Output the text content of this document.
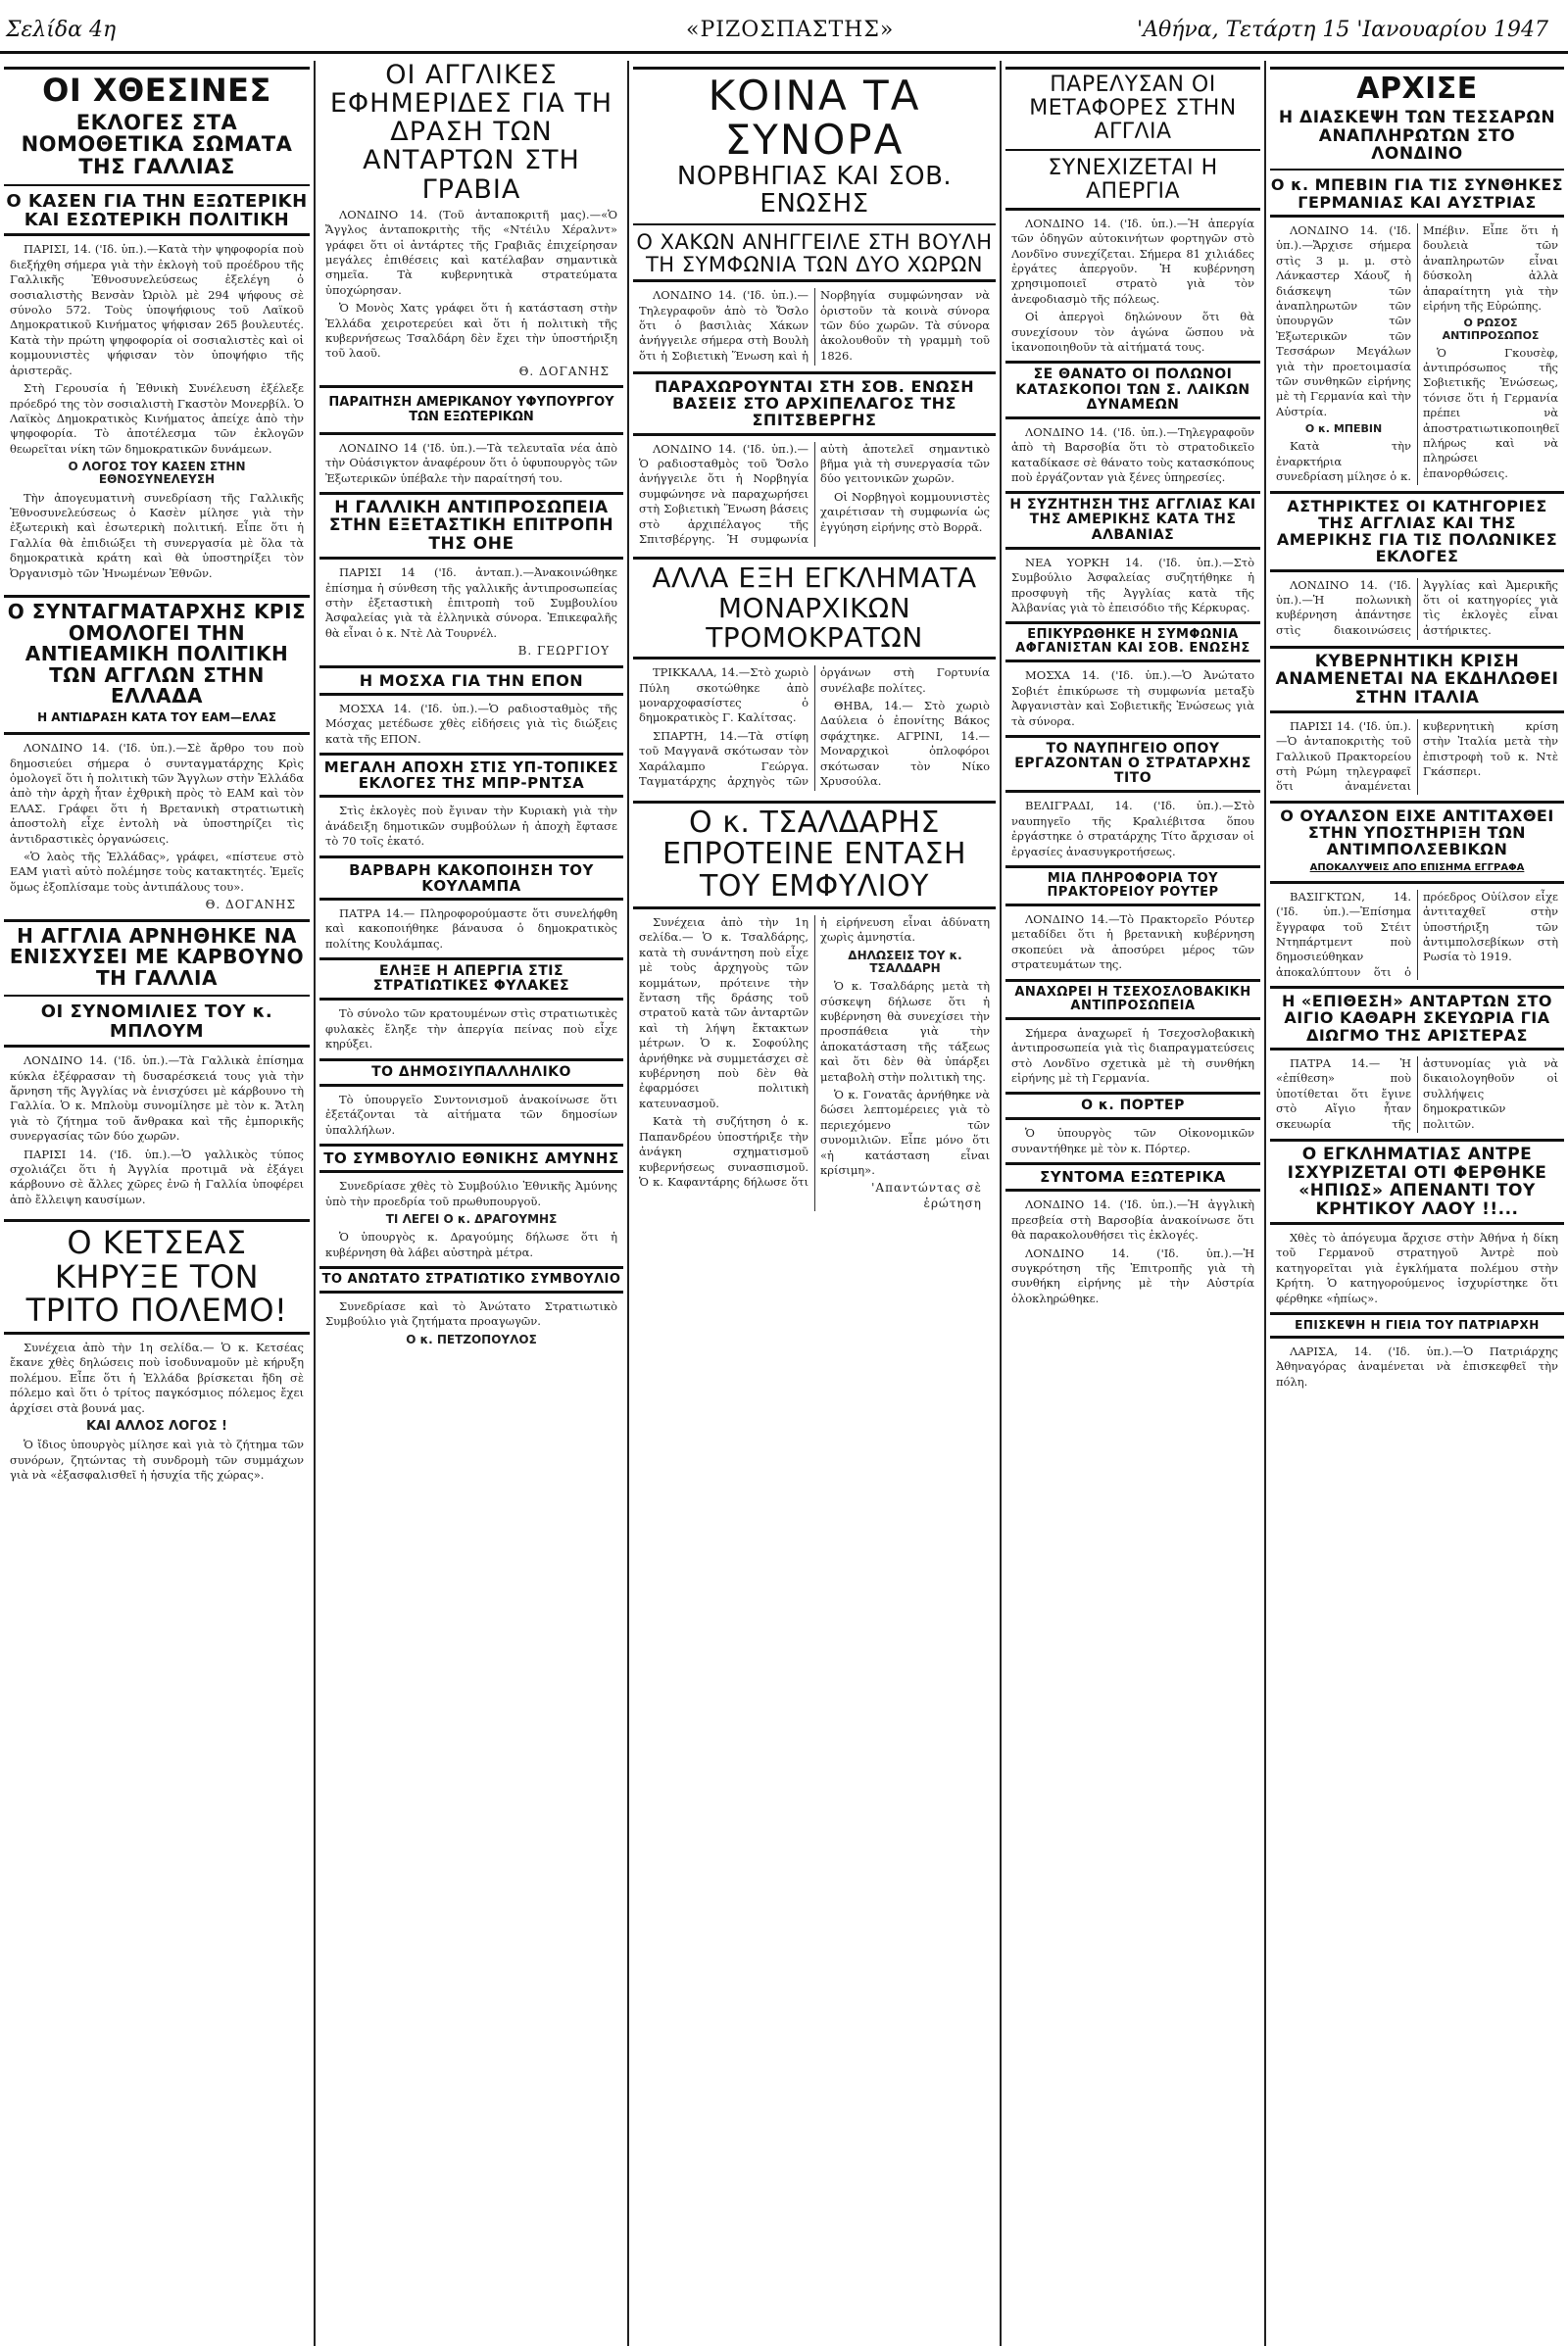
Σελίδα 4η	«ΡΙΖΟΣΠΑΣΤΗΣ»	'Αθήνα, Τετάρτη 15 'Ιανουαρίου 1947
ΟΙ ΧΘΕΣΙΝΕΣ
ΕΚΛΟΓΕΣ ΣΤΑ ΝΟΜΟΘΕΤΙΚΑ ΣΩΜΑΤΑ ΤΗΣ ΓΑΛΛΙΑΣ
Ο ΚΑΣΕΝ ΓΙΑ ΤΗΝ ΕΞΩΤΕΡΙΚΗ ΚΑΙ ΕΣΩΤΕΡΙΚΗ ΠΟΛΙΤΙΚΗ

ΠΑΡΙΣΙ, 14. ('Ιδ. ὑπ.).—Κατὰ τὴν ψηφοφορία ποὺ διεξήχθη σήμερα γιὰ τὴν ἐκλογὴ τοῦ προέδρου τῆς Γαλλικῆς Ἐθνοσυνελεύσεως ἐξελέγη ὁ σοσιαλιστὴς Βενσὰν Ὠριὸλ μὲ 294 ψήφους σὲ σύνολο 572. Τοὺς ὑποψήφιους τοῦ Λαϊκοῦ Δημοκρατικοῦ Κινήματος ψήφισαν 265 βουλευτές. Κατὰ τὴν πρώτη ψηφοφορία οἱ σοσιαλιστὲς καὶ οἱ κομμουνιστὲς ψήφισαν τὸν ὑποψήφιο τῆς ἀριστερᾶς.

Στὴ Γερουσία ἡ Ἐθνικὴ Συνέλευση ἐξέλεξε πρόεδρό της τὸν σοσιαλιστὴ Γκαστὸν Μονερβίλ. Ὁ Λαϊκὸς Δημοκρατικὸς Κινήματος ἀπείχε ἀπὸ τὴν ψηφοφορία. Τὸ ἀποτέλεσμα τῶν ἐκλογῶν θεωρεῖται νίκη τῶν δημοκρατικῶν δυνάμεων.

Ο ΛΟΓΟΣ ΤΟΥ ΚΑΣΕΝ ΣΤΗΝ ΕΘΝΟΣΥΝΕΛΕΥΣΗ

Τὴν ἀπογευματινὴ συνεδρίαση τῆς Γαλλικῆς Ἐθνοσυνελεύσεως ὁ Κασὲν μίλησε γιὰ τὴν ἐξωτερικὴ καὶ ἐσωτερικὴ πολιτική. Εἶπε ὅτι ἡ Γαλλία θὰ ἐπιδιώξει τὴ συνεργασία μὲ ὅλα τὰ δημοκρατικὰ κράτη καὶ θὰ ὑποστηρίξει τὸν Ὀργανισμὸ τῶν Ἡνωμένων Ἐθνῶν.

Ο ΣΥΝΤΑΓΜΑΤΑΡΧΗΣ ΚΡΙΣ ΟΜΟΛΟΓΕΙ ΤΗΝ ΑΝΤΙΕΑΜΙΚΗ ΠΟΛΙΤΙΚΗ ΤΩΝ ΑΓΓΛΩΝ ΣΤΗΝ ΕΛΛΑΔΑ
Η ΑΝΤΙΔΡΑΣΗ ΚΑΤΑ ΤΟΥ ΕΑΜ—ΕΛΑΣ

ΛΟΝΔΙΝΟ 14. ('Ιδ. ὑπ.).—Σὲ ἄρθρο του ποὺ δημοσιεύει σήμερα ὁ συνταγματάρχης Κρὶς ὁμολογεῖ ὅτι ἡ πολιτικὴ τῶν Ἄγγλων στὴν Ἑλλάδα ἀπὸ τὴν ἀρχὴ ἦταν ἐχθρικὴ πρὸς τὸ ΕΑΜ καὶ τὸν ΕΛΑΣ. Γράφει ὅτι ἡ Βρετανικὴ στρατιωτικὴ ἀποστολὴ εἶχε ἐντολὴ νὰ ὑποστηρίζει τὶς ἀντιδραστικὲς ὀργανώσεις.

«Ὁ λαὸς τῆς Ἑλλάδας», γράφει, «πίστευε στὸ ΕΑΜ γιατὶ αὐτὸ πολέμησε τοὺς κατακτητές. Ἐμεῖς ὅμως ἐξοπλίσαμε τοὺς ἀντιπάλους του».

Θ. ΔΟΓΑΝΗΣ
Η ΑΓΓΛΙΑ ΑΡΝΗΘΗΚΕ ΝΑ ΕΝΙΣΧΥΣΕΙ ΜΕ ΚΑΡΒΟΥΝΟ ΤΗ ΓΑΛΛΙΑ
ΟΙ ΣΥΝΟΜΙΛΙΕΣ ΤΟΥ κ. ΜΠΛΟΥΜ

ΛΟΝΔΙΝΟ 14. ('Ιδ. ὑπ.).—Τὰ Γαλλικὰ ἐπίσημα κύκλα ἐξέφρασαν τὴ δυσαρέσκειά τους γιὰ τὴν ἄρνηση τῆς Ἀγγλίας νὰ ἐνισχύσει μὲ κάρβουνο τὴ Γαλλία. Ὁ κ. Μπλοὺμ συνομίλησε μὲ τὸν κ. Ἄτλη γιὰ τὸ ζήτημα τοῦ ἄνθρακα καὶ τῆς ἐμπορικῆς συνεργασίας τῶν δύο χωρῶν.

ΠΑΡΙΣΙ 14. ('Ιδ. ὑπ.).—Ὁ γαλλικὸς τύπος σχολιάζει ὅτι ἡ Ἀγγλία προτιμᾶ νὰ ἐξάγει κάρβουνο σὲ ἄλλες χῶρες ἐνῶ ἡ Γαλλία ὑποφέρει ἀπὸ ἔλλειψη καυσίμων.

Ο ΚΕΤΣΕΑΣ ΚΗΡΥΞΕ ΤΟΝ ΤΡΙΤΟ ΠΟΛΕΜΟ!

Συνέχεια ἀπὸ τὴν 1η σελίδα.— Ὁ κ. Κετσέας ἔκανε χθὲς δηλώσεις ποὺ ἰσοδυναμοῦν μὲ κήρυξη πολέμου. Εἶπε ὅτι ἡ Ἑλλάδα βρίσκεται ἤδη σὲ πόλεμο καὶ ὅτι ὁ τρίτος παγκόσμιος πόλεμος ἔχει ἀρχίσει στὰ βουνά μας.

ΚΑΙ ΑΛΛΟΣ ΛΟΓΟΣ !

Ὁ ἴδιος ὑπουργὸς μίλησε καὶ γιὰ τὸ ζήτημα τῶν συνόρων, ζητώντας τὴ συνδρομὴ τῶν συμμάχων γιὰ νὰ «ἐξασφαλισθεῖ ἡ ἡσυχία τῆς χώρας».

ΟΙ ΑΓΓΛΙΚΕΣ ΕΦΗΜΕΡΙΔΕΣ ΓΙΑ ΤΗ ΔΡΑΣΗ ΤΩΝ ΑΝΤΑΡΤΩΝ ΣΤΗ ΓΡΑΒΙΑ

ΛΟΝΔΙΝΟ 14. (Τοῦ ἀνταποκριτῆ μας).—«Ὁ Ἄγγλος ἀνταποκριτὴς τῆς «Ντέιλυ Χέραλντ» γράφει ὅτι οἱ ἀντάρτες τῆς Γραβιᾶς ἐπιχείρησαν μεγάλες ἐπιθέσεις καὶ κατέλαβαν σημαντικὰ σημεῖα. Τὰ κυβερνητικὰ στρατεύματα ὑποχώρησαν.

Ὁ Μονὸς Χατς γράφει ὅτι ἡ κατάσταση στὴν Ἑλλάδα χειροτερεύει καὶ ὅτι ἡ πολιτικὴ τῆς κυβερνήσεως Τσαλδάρη δὲν ἔχει τὴν ὑποστήριξη τοῦ λαοῦ.

Θ. ΔΟΓΑΝΗΣ
ΠΑΡΑΙΤΗΣΗ ΑΜΕΡΙΚΑΝΟΥ ΥΦΥΠΟΥΡΓΟΥ ΤΩΝ ΕΞΩΤΕΡΙΚΩΝ

ΛΟΝΔΙΝΟ 14 ('Ιδ. ὑπ.).—Τὰ τελευταῖα νέα ἀπὸ τὴν Οὐάσιγκτον ἀναφέρουν ὅτι ὁ ὑφυπουργὸς τῶν Ἐξωτερικῶν ὑπέβαλε τὴν παραίτησή του.

Η ΓΑΛΛΙΚΗ ΑΝΤΙΠΡΟΣΩΠΕΙΑ ΣΤΗΝ ΕΞΕΤΑΣΤΙΚΗ ΕΠΙΤΡΟΠΗ ΤΗΣ ΟΗΕ

ΠΑΡΙΣΙ 14 ('Ιδ. ἀνταπ.).—Ἀνακοινώθηκε ἐπίσημα ἡ σύνθεση τῆς γαλλικῆς ἀντιπροσωπείας στὴν ἐξεταστικὴ ἐπιτροπὴ τοῦ Συμβουλίου Ἀσφαλείας γιὰ τὰ ἑλληνικὰ σύνορα. Ἐπικεφαλῆς θὰ εἶναι ὁ κ. Ντὲ Λὰ Τουρνέλ.

Β. ΓΕΩΡΓΙΟΥ
Η ΜΟΣΧΑ ΓΙΑ ΤΗΝ ΕΠΟΝ

ΜΟΣΧΑ 14. ('Ιδ. ὑπ.).—Ὁ ραδιοσταθμὸς τῆς Μόσχας μετέδωσε χθὲς εἰδήσεις γιὰ τὶς διώξεις κατὰ τῆς ΕΠΟΝ.

ΜΕΓΑΛΗ ΑΠΟΧΗ ΣΤΙΣ ΥΠ-ΤΟΠΙΚΕΣ ΕΚΛΟΓΕΣ ΤΗΣ ΜΠΡ-ΡΝΤΣΑ

Στὶς ἐκλογὲς ποὺ ἔγιναν τὴν Κυριακὴ γιὰ τὴν ἀνάδειξη δημοτικῶν συμβούλων ἡ ἀποχὴ ἔφτασε τὸ 70 τοῖς ἑκατό.

ΒΑΡΒΑΡΗ ΚΑΚΟΠΟΙΗΣΗ ΤΟΥ ΚΟΥΛΑΜΠΑ

ΠΑΤΡΑ 14.— Πληροφορούμαστε ὅτι συνελήφθη καὶ κακοποιήθηκε βάναυσα ὁ δημοκρατικὸς πολίτης Κουλάμπας.

ΕΛΗΞΕ Η ΑΠΕΡΓΙΑ ΣΤΙΣ ΣΤΡΑΤΙΩΤΙΚΕΣ ΦΥΛΑΚΕΣ

Τὸ σύνολο τῶν κρατουμένων στὶς στρατιωτικὲς φυλακὲς ἔληξε τὴν ἀπεργία πείνας ποὺ εἶχε κηρύξει.

ΤΟ ΔΗΜΟΣΙΥΠΑΛΛΗΛΙΚΟ

Τὸ ὑπουργεῖο Συντονισμοῦ ἀνακοίνωσε ὅτι ἐξετάζονται τὰ αἰτήματα τῶν δημοσίων ὑπαλλήλων.

ΤΟ ΣΥΜΒΟΥΛΙΟ ΕΘΝΙΚΗΣ ΑΜΥΝΗΣ

Συνεδρίασε χθὲς τὸ Συμβούλιο Ἐθνικῆς Ἀμύνης ὑπὸ τὴν προεδρία τοῦ πρωθυπουργοῦ.

ΤΙ ΛΕΓΕΙ Ο κ. ΔΡΑΓΟΥΜΗΣ

Ὁ ὑπουργὸς κ. Δραγούμης δήλωσε ὅτι ἡ κυβέρνηση θὰ λάβει αὐστηρὰ μέτρα.

ΤΟ ΑΝΩΤΑΤΟ ΣΤΡΑΤΙΩΤΙΚΟ ΣΥΜΒΟΥΛΙΟ

Συνεδρίασε καὶ τὸ Ἀνώτατο Στρατιωτικὸ Συμβούλιο γιὰ ζητήματα προαγωγῶν.

Ο κ. ΠΕΤΖΟΠΟΥΛΟΣ
ΚΟΙΝΑ ΤΑ ΣΥΝΟΡΑ
ΝΟΡΒΗΓΙΑΣ ΚΑΙ ΣΟΒ. ΕΝΩΣΗΣ
Ο ΧΑΚΩΝ ΑΝΗΓΓΕΙΛΕ ΣΤΗ ΒΟΥΛΗ ΤΗ ΣΥΜΦΩΝΙΑ ΤΩΝ ΔΥΟ ΧΩΡΩΝ

ΛΟΝΔΙΝΟ 14. ('Ιδ. ὑπ.).—Τηλεγραφοῦν ἀπὸ τὸ Ὄσλο ὅτι ὁ βασιλιὰς Χάκων ἀνήγγειλε σήμερα στὴ Βουλὴ ὅτι ἡ Σοβιετικὴ Ἕνωση καὶ ἡ Νορβηγία συμφώνησαν νὰ ὁριστοῦν τὰ κοινὰ σύνορα τῶν δύο χωρῶν. Τὰ σύνορα ἀκολουθοῦν τὴ γραμμὴ τοῦ 1826.

ΠΑΡΑΧΩΡΟΥΝΤΑΙ ΣΤΗ ΣΟΒ. ΕΝΩΣΗ ΒΑΣΕΙΣ ΣΤΟ ΑΡΧΙΠΕΛΑΓΟΣ ΤΗΣ ΣΠΙΤΣΒΕΡΓΗΣ

ΛΟΝΔΙΝΟ 14. ('Ιδ. ὑπ.).—Ὁ ραδιοσταθμὸς τοῦ Ὄσλο ἀνήγγειλε ὅτι ἡ Νορβηγία συμφώνησε νὰ παραχωρήσει στὴ Σοβιετικὴ Ἕνωση βάσεις στὸ ἀρχιπέλαγος τῆς Σπιτσβέργης. Ἡ συμφωνία αὐτὴ ἀποτελεῖ σημαντικὸ βῆμα γιὰ τὴ συνεργασία τῶν δύο γειτονικῶν χωρῶν.

Οἱ Νορβηγοὶ κομμουνιστὲς χαιρέτισαν τὴ συμφωνία ὡς ἐγγύηση εἰρήνης στὸ Βορρᾶ.

ΑΛΛΑ ΕΞΗ ΕΓΚΛΗΜΑΤΑ ΜΟΝΑΡΧΙΚΩΝ ΤΡΟΜΟΚΡΑΤΩΝ

ΤΡΙΚΚΑΛΑ, 14.—Στὸ χωριὸ Πύλη σκοτώθηκε ἀπὸ μοναρχοφασίστες ὁ δημοκρατικὸς Γ. Καλίτσας.

ΣΠΑΡΤΗ, 14.—Τὰ στίφη τοῦ Μαγγανᾶ σκότωσαν τὸν Χαράλαμπο Γεώργα. Ταγματάρχης ἀρχηγὸς τῶν ὀργάνων στὴ Γορτυνία συνέλαβε πολίτες.

ΘΗΒΑ, 14.— Στὸ χωριὸ Δαύλεια ὁ ἐπονίτης Βάκος σφάχτηκε. ΑΓΡΙΝΙ, 14.— Μοναρχικοὶ ὁπλοφόροι σκότωσαν τὸν Νίκο Χρυσούλα.

Ο κ. ΤΣΑΛΔΑΡΗΣ ΕΠΡΟΤΕΙΝΕ ΕΝΤΑΣΗ ΤΟΥ ΕΜΦΥΛΙΟΥ

Συνέχεια ἀπὸ τὴν 1η σελίδα.— Ὁ κ. Τσαλδάρης, κατὰ τὴ συνάντηση ποὺ εἶχε μὲ τοὺς ἀρχηγοὺς τῶν κομμάτων, πρότεινε τὴν ἔνταση τῆς δράσης τοῦ στρατοῦ κατὰ τῶν ἀνταρτῶν καὶ τὴ λήψη ἔκτακτων μέτρων. Ὁ κ. Σοφούλης ἀρνήθηκε νὰ συμμετάσχει σὲ κυβέρνηση ποὺ δὲν θὰ ἐφαρμόσει πολιτικὴ κατευνασμοῦ.

Κατὰ τὴ συζήτηση ὁ κ. Παπανδρέου ὑποστήριξε τὴν ἀνάγκη σχηματισμοῦ κυβερνήσεως συνασπισμοῦ. Ὁ κ. Καφαντάρης δήλωσε ὅτι ἡ εἰρήνευση εἶναι ἀδύνατη χωρὶς ἀμνηστία.

ΔΗΛΩΣΕΙΣ ΤΟΥ κ. ΤΣΑΛΔΑΡΗ

Ὁ κ. Τσαλδάρης μετὰ τὴ σύσκεψη δήλωσε ὅτι ἡ κυβέρνηση θὰ συνεχίσει τὴν προσπάθεια γιὰ τὴν ἀποκατάσταση τῆς τάξεως καὶ ὅτι δὲν θὰ ὑπάρξει μεταβολὴ στὴν πολιτικὴ της.

Ὁ κ. Γονατᾶς ἀρνήθηκε νὰ δώσει λεπτομέρειες γιὰ τὸ περιεχόμενο τῶν συνομιλιῶν. Εἶπε μόνο ὅτι «ἡ κατάσταση εἶναι κρίσιμη».

'Απαντώντας σὲ ἐρώτηση
ΠΑΡΕΛΥΣΑΝ ΟΙ ΜΕΤΑΦΟΡΕΣ ΣΤΗΝ ΑΓΓΛΙΑ
ΣΥΝΕΧΙΖΕΤΑΙ Η ΑΠΕΡΓΙΑ

ΛΟΝΔΙΝΟ 14. ('Ιδ. ὑπ.).—Ἡ ἀπεργία τῶν ὁδηγῶν αὐτοκινήτων φορτηγῶν στὸ Λονδῖνο συνεχίζεται. Σήμερα 81 χιλιάδες ἐργάτες ἀπεργοῦν. Ἡ κυβέρνηση χρησιμοποιεῖ στρατὸ γιὰ τὸν ἀνεφοδιασμὸ τῆς πόλεως.

Οἱ ἀπεργοὶ δηλώνουν ὅτι θὰ συνεχίσουν τὸν ἀγώνα ὥσπου νὰ ἱκανοποιηθοῦν τὰ αἰτήματά τους.

ΣΕ ΘΑΝΑΤΟ ΟΙ ΠΟΛΩΝΟΙ ΚΑΤΑΣΚΟΠΟΙ ΤΩΝ Σ. ΛΑΙΚΩΝ ΔΥΝΑΜΕΩΝ

ΛΟΝΔΙΝΟ 14. ('Ιδ. ὑπ.).—Τηλεγραφοῦν ἀπὸ τὴ Βαρσοβία ὅτι τὸ στρατοδικεῖο καταδίκασε σὲ θάνατο τοὺς κατασκόπους ποὺ ἐργάζονταν γιὰ ξένες ὑπηρεσίες.

Η ΣΥΖΗΤΗΣΗ ΤΗΣ ΑΓΓΛΙΑΣ ΚΑΙ ΤΗΣ ΑΜΕΡΙΚΗΣ ΚΑΤΑ ΤΗΣ ΑΛΒΑΝΙΑΣ

ΝΕΑ ΥΟΡΚΗ 14. ('Ιδ. ὑπ.).—Στὸ Συμβούλιο Ἀσφαλείας συζητήθηκε ἡ προσφυγὴ τῆς Ἀγγλίας κατὰ τῆς Ἀλβανίας γιὰ τὸ ἐπεισόδιο τῆς Κέρκυρας.

ΕΠΙΚΥΡΩΘΗΚΕ Η ΣΥΜΦΩΝΙΑ ΑΦΓΑΝΙΣΤΑΝ ΚΑΙ ΣΟΒ. ΕΝΩΣΗΣ

ΜΟΣΧΑ 14. ('Ιδ. ὑπ.).—Ὁ Ἀνώτατο Σοβιέτ ἐπικύρωσε τὴ συμφωνία μεταξὺ Ἀφγανιστὰν καὶ Σοβιετικῆς Ἑνώσεως γιὰ τὰ σύνορα.

ΤΟ ΝΑΥΠΗΓΕΙΟ ΟΠΟΥ ΕΡΓΑΖΟΝΤΑΝ Ο ΣΤΡΑΤΑΡΧΗΣ ΤΙΤΟ

ΒΕΛΙΓΡΑΔΙ, 14. ('Ιδ. ὑπ.).—Στὸ ναυπηγεῖο τῆς Κραλιέβιτσα ὅπου ἐργάστηκε ὁ στρατάρχης Τίτο ἄρχισαν οἱ ἐργασίες ἀνασυγκροτήσεως.

ΜΙΑ ΠΛΗΡΟΦΟΡΙΑ ΤΟΥ ΠΡΑΚΤΟΡΕΙΟΥ ΡΟΥΤΕΡ

ΛΟΝΔΙΝΟ 14.—Τὸ Πρακτορεῖο Ρόυτερ μεταδίδει ὅτι ἡ βρετανικὴ κυβέρνηση σκοπεύει νὰ ἀποσύρει μέρος τῶν στρατευμάτων της.

ΑΝΑΧΩΡΕΙ Η ΤΣΕΧΟΣΛΟΒΑΚΙΚΗ ΑΝΤΙΠΡΟΣΩΠΕΙΑ

Σήμερα ἀναχωρεῖ ἡ Τσεχοσλοβακικὴ ἀντιπροσωπεία γιὰ τὶς διαπραγματεύσεις στὸ Λονδῖνο σχετικὰ μὲ τὴ συνθήκη εἰρήνης μὲ τὴ Γερμανία.

Ο κ. ΠΟΡΤΕΡ

Ὁ ὑπουργὸς τῶν Οἰκονομικῶν συναντήθηκε μὲ τὸν κ. Πόρτερ.

ΣΥΝΤΟΜΑ ΕΞΩΤΕΡΙΚΑ

ΛΟΝΔΙΝΟ 14. ('Ιδ. ὑπ.).—Ἡ ἀγγλικὴ πρεσβεία στὴ Βαρσοβία ἀνακοίνωσε ὅτι θὰ παρακολουθήσει τὶς ἐκλογές.

ΛΟΝΔΙΝΟ 14. ('Ιδ. ὑπ.).—Ἡ συγκρότηση τῆς Ἐπιτροπῆς γιὰ τὴ συνθήκη εἰρήνης μὲ τὴν Αὐστρία ὁλοκληρώθηκε.

ΑΡΧΙΣΕ
Η ΔΙΑΣΚΕΨΗ ΤΩΝ ΤΕΣΣΑΡΩΝ ΑΝΑΠΛΗΡΩΤΩΝ ΣΤΟ ΛΟΝΔΙΝΟ
Ο κ. ΜΠΕΒΙΝ ΓΙΑ ΤΙΣ ΣΥΝΘΗΚΕΣ ΓΕΡΜΑΝΙΑΣ ΚΑΙ ΑΥΣΤΡΙΑΣ

ΛΟΝΔΙΝΟ 14. ('Ιδ. ὑπ.).—Ἄρχισε σήμερα στὶς 3 μ. μ. στὸ Λάνκαστερ Χάουζ ἡ διάσκεψη τῶν ἀναπληρωτῶν τῶν ὑπουργῶν τῶν Ἐξωτερικῶν τῶν Τεσσάρων Μεγάλων γιὰ τὴν προετοιμασία τῶν συνθηκῶν εἰρήνης μὲ τὴ Γερμανία καὶ τὴν Αὐστρία.

Ο κ. ΜΠΕΒΙΝ

Κατὰ τὴν ἐναρκτήρια συνεδρίαση μίλησε ὁ κ. Μπέβιν. Εἶπε ὅτι ἡ δουλειὰ τῶν ἀναπληρωτῶν εἶναι δύσκολη ἀλλὰ ἀπαραίτητη γιὰ τὴν εἰρήνη τῆς Εὐρώπης.

Ο ΡΩΣΟΣ ΑΝΤΙΠΡΟΣΩΠΟΣ

Ὁ Γκουσὲφ, ἀντιπρόσωπος τῆς Σοβιετικῆς Ἑνώσεως, τόνισε ὅτι ἡ Γερμανία πρέπει νὰ ἀποστρατιωτικοποιηθεῖ πλήρως καὶ νὰ πληρώσει ἐπανορθώσεις.

ΑΣΤΗΡΙΚΤΕΣ ΟΙ ΚΑΤΗΓΟΡΙΕΣ ΤΗΣ ΑΓΓΛΙΑΣ ΚΑΙ ΤΗΣ ΑΜΕΡΙΚΗΣ ΓΙΑ ΤΙΣ ΠΟΛΩΝΙΚΕΣ ΕΚΛΟΓΕΣ

ΛΟΝΔΙΝΟ 14. ('Ιδ. ὑπ.).—Ἡ πολωνικὴ κυβέρνηση ἀπάντησε στὶς διακοινώσεις Ἀγγλίας καὶ Ἀμερικῆς ὅτι οἱ κατηγορίες γιὰ τὶς ἐκλογὲς εἶναι ἀστήρικτες.

ΚΥΒΕΡΝΗΤΙΚΗ ΚΡΙΣΗ ΑΝΑΜΕΝΕΤΑΙ ΝΑ ΕΚΔΗΛΩΘΕΙ ΣΤΗΝ ΙΤΑΛΙΑ

ΠΑΡΙΣΙ 14. ('Ιδ. ὑπ.).—Ὁ ἀνταποκριτὴς τοῦ Γαλλικοῦ Πρακτορείου στὴ Ρώμη τηλεγραφεῖ ὅτι ἀναμένεται κυβερνητικὴ κρίση στὴν Ἰταλία μετὰ τὴν ἐπιστροφὴ τοῦ κ. Ντὲ Γκάσπερι.

Ο ΟΥΑΛΣΟΝ ΕΙΧΕ ΑΝΤΙΤΑΧΘΕΙ ΣΤΗΝ ΥΠΟΣΤΗΡΙΞΗ ΤΩΝ ΑΝΤΙΜΠΟΛΣΕΒΙΚΩΝ
ΑΠΟΚΑΛΥΨΕΙΣ ΑΠΟ ΕΠΙΣΗΜΑ ΕΓΓΡΑΦΑ

ΒΑΣΙΓΚΤΩΝ, 14. ('Ιδ. ὑπ.).—Ἐπίσημα ἔγγραφα τοῦ Στέιτ Ντηπάρτμεντ ποὺ δημοσιεύθηκαν ἀποκαλύπτουν ὅτι ὁ πρόεδρος Οὐίλσον εἶχε ἀντιταχθεῖ στὴν ὑποστήριξη τῶν ἀντιμπολσεβίκων στὴ Ρωσία τὸ 1919.

Η «ΕΠΙΘΕΣΗ» ΑΝΤΑΡΤΩΝ ΣΤΟ ΑΙΓΙΟ ΚΑΘΑΡΗ ΣΚΕΥΩΡΙΑ ΓΙΑ ΔΙΩΓΜΟ ΤΗΣ ΑΡΙΣΤΕΡΑΣ

ΠΑΤΡΑ 14.— Ἡ «ἐπίθεση» ποὺ ὑποτίθεται ὅτι ἔγινε στὸ Αἴγιο ἦταν σκευωρία τῆς ἀστυνομίας γιὰ νὰ δικαιολογηθοῦν οἱ συλλήψεις δημοκρατικῶν πολιτῶν.

Ο ΕΓΚΛΗΜΑΤΙΑΣ ΑΝΤΡΕ ΙΣΧΥΡΙΖΕΤΑΙ ΟΤΙ ΦΕΡΘΗΚΕ «ΗΠΙΩΣ» ΑΠΕΝΑΝΤΙ ΤΟΥ ΚΡΗΤΙΚΟΥ ΛΑΟΥ !!...

Χθὲς τὸ ἀπόγευμα ἄρχισε στὴν Ἀθήνα ἡ δίκη τοῦ Γερμανοῦ στρατηγοῦ Ἀντρὲ ποὺ κατηγορεῖται γιὰ ἐγκλήματα πολέμου στὴν Κρήτη. Ὁ κατηγορούμενος ἰσχυρίστηκε ὅτι φέρθηκε «ἠπίως».

ΕΠΙΣΚΕΨΗ Η ΓΙΕΙΑ ΤΟΥ ΠΑΤΡΙΑΡΧΗ

ΛΑΡΙΣΑ, 14. ('Ιδ. ὑπ.).—Ὁ Πατριάρχης Ἀθηναγόρας ἀναμένεται νὰ ἐπισκεφθεῖ τὴν πόλη.
